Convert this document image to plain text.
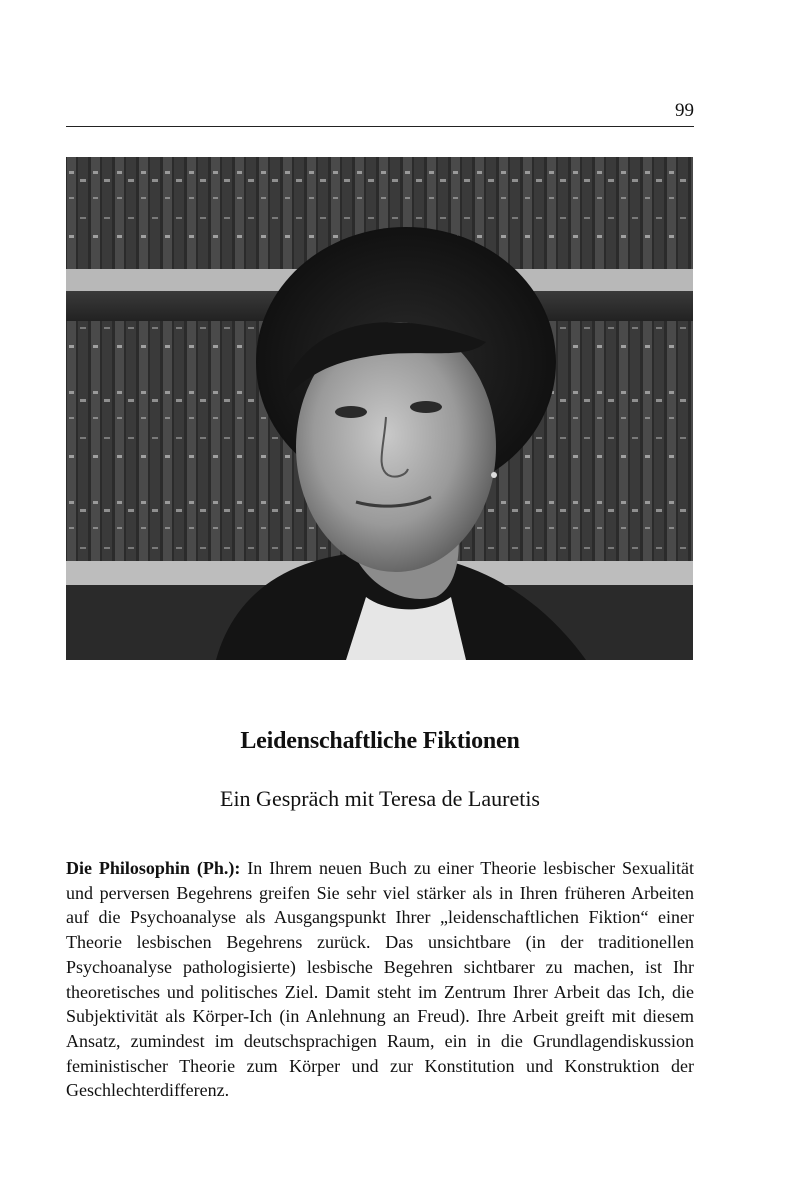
99
Leidenschaftliche Fiktionen
Ein Gespräch mit Teresa de Lauretis
Die Philosophin (Ph.): In Ihrem neuen Buch zu einer Theorie lesbischer Sexualität und perversen Begehrens greifen Sie sehr viel stärker als in Ihren früheren Arbeiten auf die Psychoanalyse als Ausgangspunkt Ihrer „leidenschaftlichen Fiktion“ einer Theorie lesbischen Begehrens zurück. Das unsichtbare (in der traditionellen Psychoanalyse pathologisierte) lesbische Begehren sichtbarer zu machen, ist Ihr theoretisches und politisches Ziel. Damit steht im Zentrum Ihrer Arbeit das Ich, die Subjektivität als Körper-Ich (in Anlehnung an Freud). Ihre Arbeit greift mit diesem Ansatz, zumindest im deutschsprachigen Raum, ein in die Grundlagendiskussion feministischer Theorie zum Körper und zur Konstitution und Konstruktion der Geschlechterdifferenz.
